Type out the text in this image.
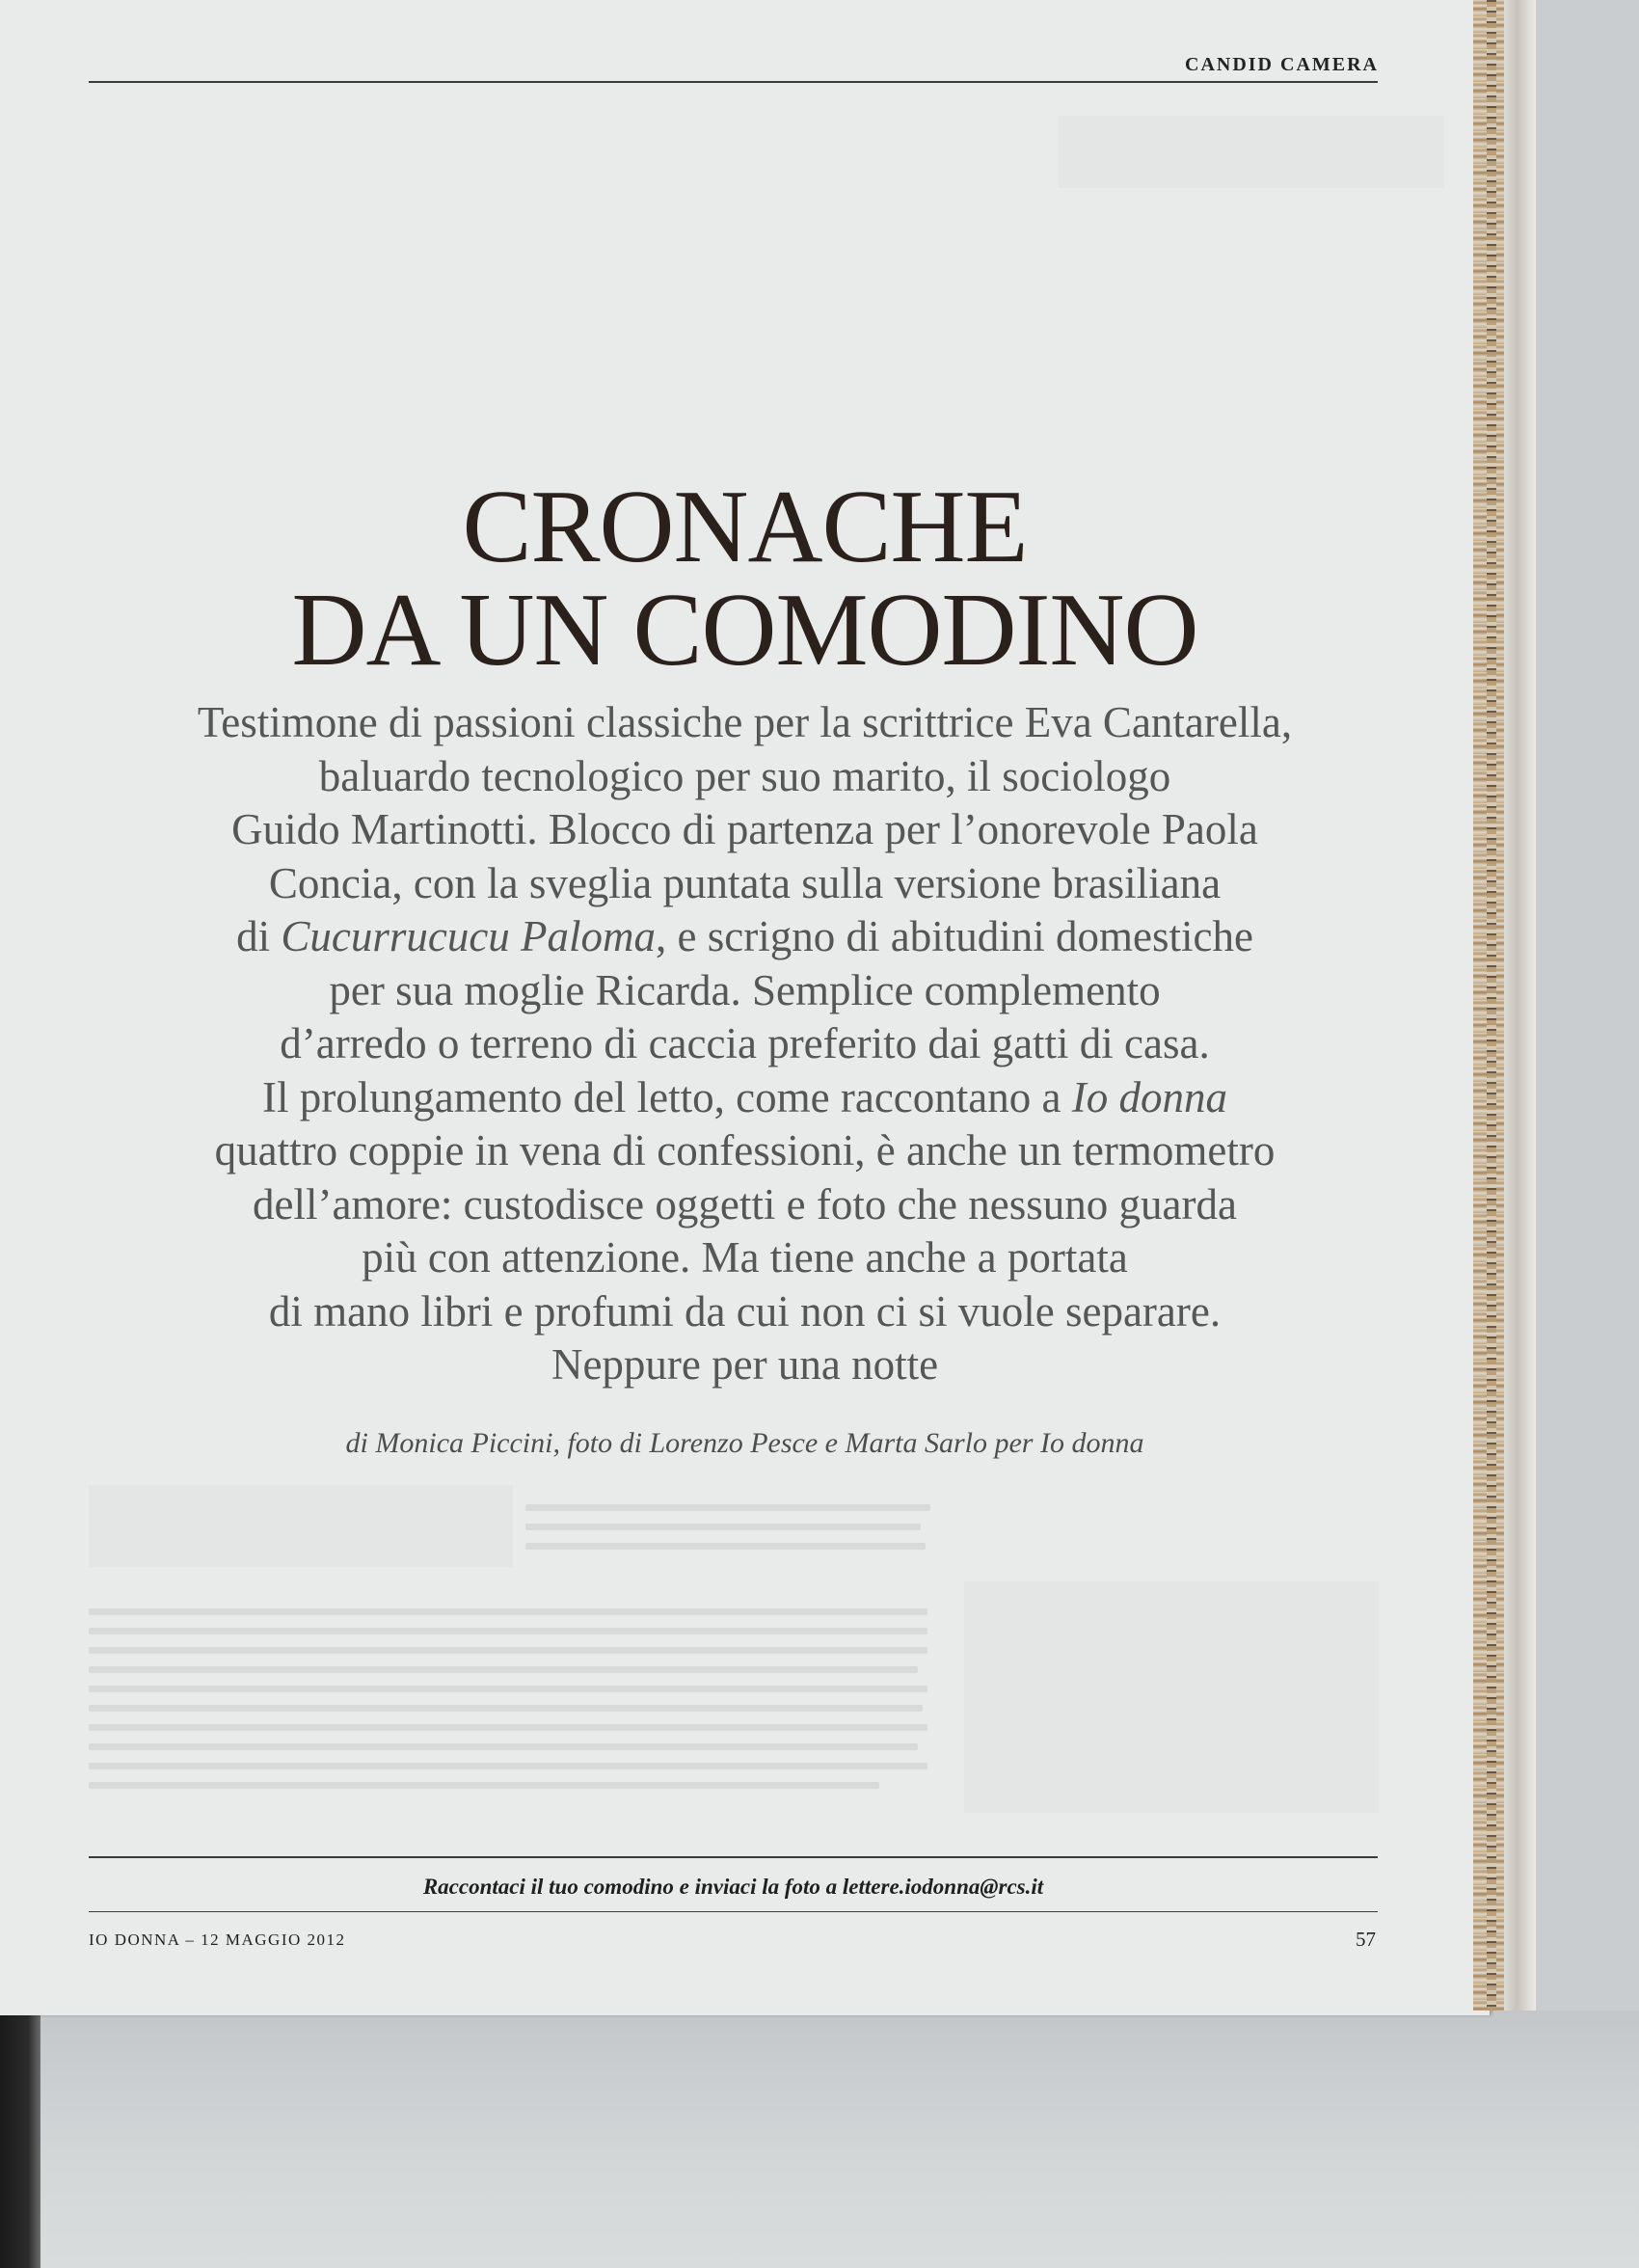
CANDID CAMERA
CRONACHE
DA UN COMODINO
Testimone di passioni classiche per la scrittrice Eva Cantarella,
baluardo tecnologico per suo marito, il sociologo
Guido Martinotti. Blocco di partenza per l’onorevole Paola
Concia, con la sveglia puntata sulla versione brasiliana
di Cucurrucucu Paloma, e scrigno di abitudini domestiche
per sua moglie Ricarda. Semplice complemento
d’arredo o terreno di caccia preferito dai gatti di casa.
Il prolungamento del letto, come raccontano a Io donna
quattro coppie in vena di confessioni, è anche un termometro
dell’amore: custodisce oggetti e foto che nessuno guarda
più con attenzione. Ma tiene anche a portata
di mano libri e profumi da cui non ci si vuole separare.
Neppure per una notte
di Monica Piccini, foto di Lorenzo Pesce e Marta Sarlo per Io donna
Raccontaci il tuo comodino e inviaci la foto a lettere.iodonna@rcs.it
IO DONNA – 12 MAGGIO 2012	57
